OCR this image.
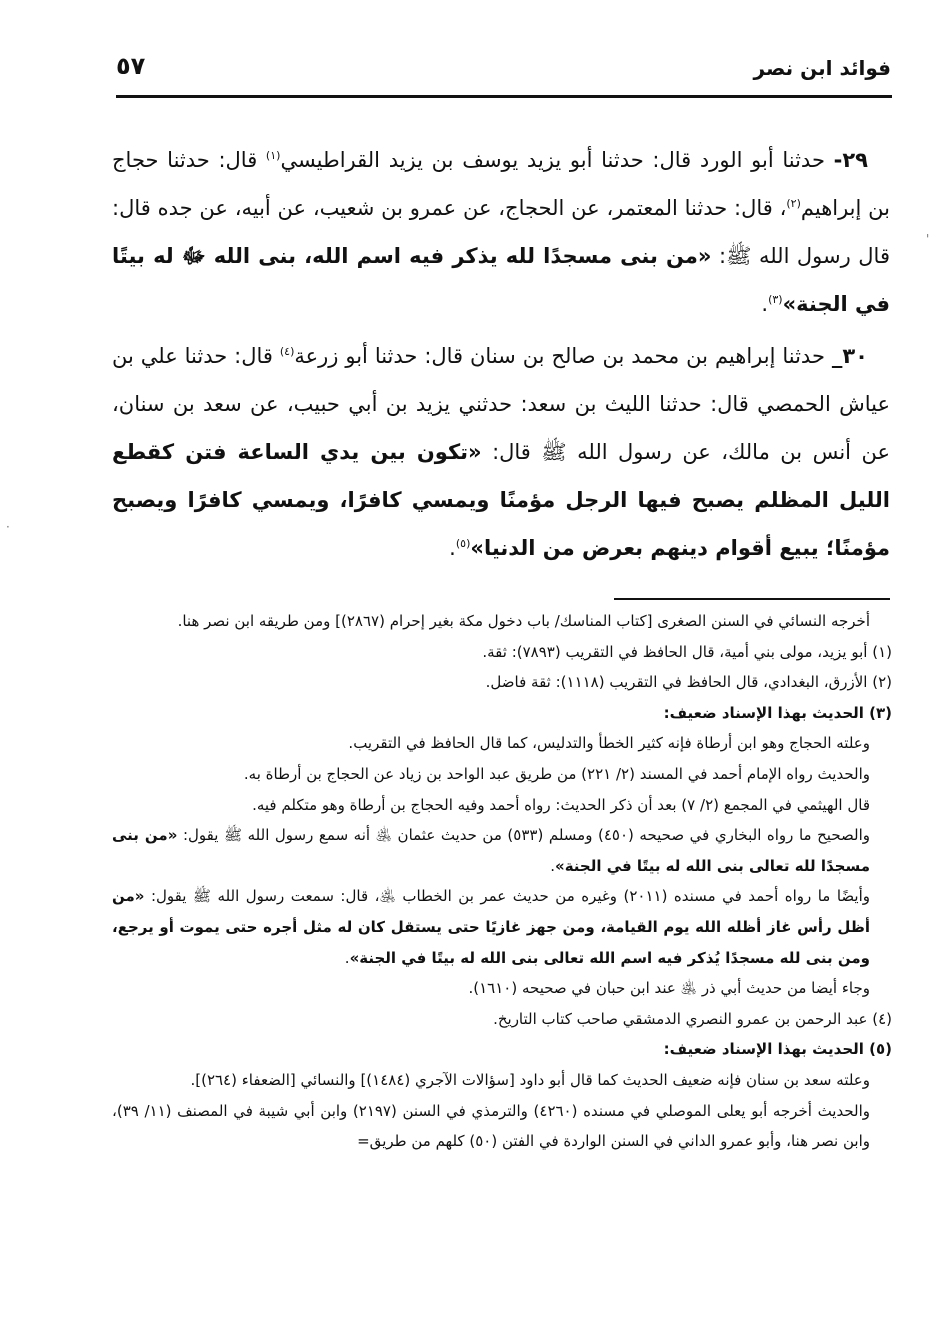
فوائد ابن نصر
٥٧

٢٩- حدثنا أبو الورد قال: حدثنا أبو يزيد يوسف بن يزيد القراطيسي$^{(١)}$ قال: حدثنا حجاج بن إبراهيم$^{(٢)}$، قال: حدثنا المعتمر، عن الحجاج، عن عمرو بن شعيب، عن أبيه، عن جده قال: قال رسول الله ﷺ: «من بنى مسجدًا لله يذكر فيه اسم الله، بنى الله ﷻ له بيتًا في الجنة»$^{(٣)}$.

٣٠_ حدثنا إبراهيم بن محمد بن صالح بن سنان قال: حدثنا أبو زرعة$^{(٤)}$ قال: حدثنا علي بن عياش الحمصي قال: حدثنا الليث بن سعد: حدثني يزيد بن أبي حبيب، عن سعد بن سنان، عن أنس بن مالك، عن رسول الله ﷺ قال: «تكون بين يدي الساعة فتن كقطع الليل المظلم يصبح فيها الرجل مؤمنًا ويمسي كافرًا، ويمسي كافرًا ويصبح مؤمنًا؛ يبيع أقوام دينهم بعرض من الدنيا»$^{(٥)}$.

أخرجه النسائي في السنن الصغرى [كتاب المناسك/ باب دخول مكة بغير إحرام (٢٨٦٧)] ومن طريقه ابن نصر هنا.

(١) أبو يزيد، مولى بني أمية، قال الحافظ في التقريب (٧٨٩٣): ثقة.

(٢) الأزرق، البغدادي، قال الحافظ في التقريب (١١١٨): ثقة فاضل.

(٣) الحديث بهذا الإسناد ضعيف:

وعلته الحجاج وهو ابن أرطاة فإنه كثير الخطأ والتدليس، كما قال الحافظ في التقريب.

والحديث رواه الإمام أحمد في المسند (٢/ ٢٢١) من طريق عبد الواحد بن زياد عن الحجاج بن أرطاة به.

قال الهيثمي في المجمع (٢/ ٧) بعد أن ذكر الحديث: رواه أحمد وفيه الحجاج بن أرطاة وهو متكلم فيه.

والصحيح ما رواه البخاري في صحيحه (٤٥٠) ومسلم (٥٣٣) من حديث عثمان ﵁ أنه سمع رسول الله ﷺ يقول: «من بنى مسجدًا لله تعالى بنى الله له بيتًا في الجنة».

وأيضًا ما رواه أحمد في مسنده (٢٠١١) وغيره من حديث عمر بن الخطاب ﵁، قال: سمعت رسول الله ﷺ يقول: «من أظل رأس غاز أظله الله يوم القيامة، ومن جهز غازيًا حتى يستقل كان له مثل أجره حتى يموت أو يرجع، ومن بنى لله مسجدًا يُذكر فيه اسم الله تعالى بنى الله له بيتًا في الجنة».

وجاء أيضا من حديث أبي ذر ﵁ عند ابن حبان في صحيحه (١٦١٠).

(٤) عبد الرحمن بن عمرو النصري الدمشقي صاحب كتاب التاريخ.

(٥) الحديث بهذا الإسناد ضعيف:

وعلته سعد بن سنان فإنه ضعيف الحديث كما قال أبو داود [سؤالات الآجري (١٤٨٤)] والنسائي [الضعفاء (٢٦٤)].

والحديث أخرجه أبو يعلى الموصلي في مسنده (٤٢٦٠) والترمذي في السنن (٢١٩٧) وابن أبي شيبة في المصنف (١١/ ٣٩)، وابن نصر هنا، وأبو عمرو الداني في السنن الواردة في الفتن (٥٠) كلهم من طريق=

'
·
